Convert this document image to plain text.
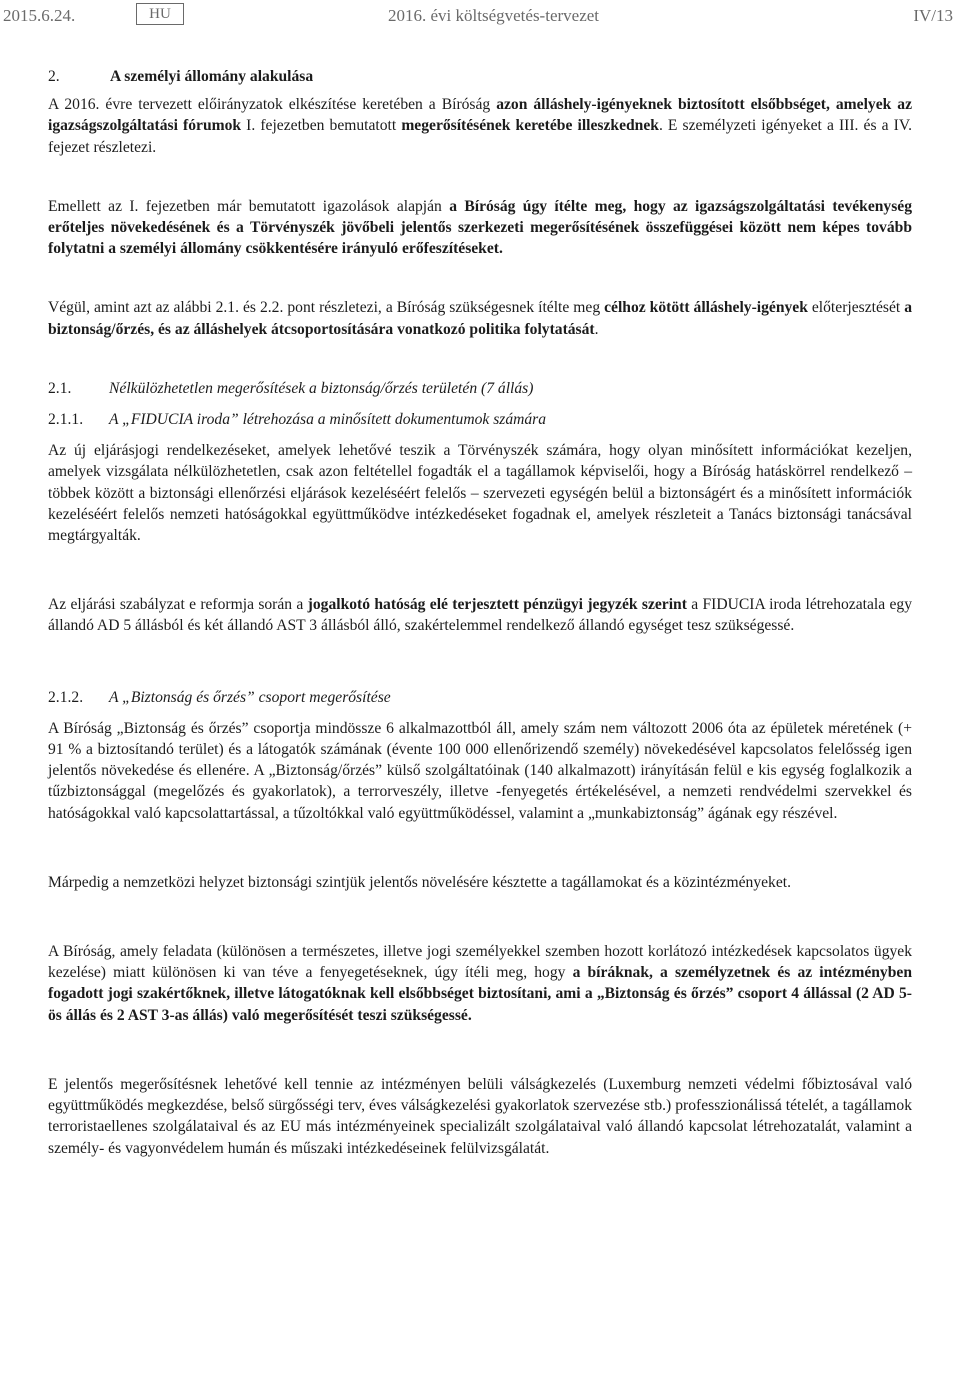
2015.6.24.	HU	2016. évi költségvetés-tervezet	IV/13

2.	A személyi állomány alakulása

A 2016. évre tervezett előirányzatok elkészítése keretében a Bíróság azon álláshely-igényeknek biztosított elsőbbséget, amelyek az igazságszolgáltatási fórumok I. fejezetben bemutatott megerősítésének keretébe illeszkednek. E személyzeti igényeket a III. és a IV. fejezet részletezi.

Emellett az I. fejezetben már bemutatott igazolások alapján a Bíróság úgy ítélte meg, hogy az igazságszolgáltatási tevékenység erőteljes növekedésének és a Törvényszék jövőbeli jelentős szerkezeti megerősítésének összefüggései között nem képes tovább folytatni a személyi állomány csökkentésére irányuló erőfeszítéseket.

Végül, amint azt az alábbi 2.1. és 2.2. pont részletezi, a Bíróság szükségesnek ítélte meg célhoz kötött álláshely-igények előterjesztését a biztonság/őrzés, és az álláshelyek átcsoportosítására vonatkozó politika folytatását.

2.1. Nélkülözhetetlen megerősítések a biztonság/őrzés területén (7 állás)

2.1.1. A „FIDUCIA iroda” létrehozása a minősített dokumentumok számára

Az új eljárásjogi rendelkezéseket, amelyek lehetővé teszik a Törvényszék számára, hogy olyan minősített információkat kezeljen, amelyek vizsgálata nélkülözhetetlen, csak azon feltétellel fogadták el a tagállamok képviselői, hogy a Bíróság hatáskörrel rendelkező – többek között a biztonsági ellenőrzési eljárások kezeléséért felelős – szervezeti egységén belül a biztonságért és a minősített információk kezeléséért felelős nemzeti hatóságokkal együttműködve intézkedéseket fogadnak el, amelyek részleteit a Tanács biztonsági tanácsával megtárgyalták.

Az eljárási szabályzat e reformja során a jogalkotó hatóság elé terjesztett pénzügyi jegyzék szerint a FIDUCIA iroda létrehozatala egy állandó AD 5 állásból és két állandó AST 3 állásból álló, szakértelemmel rendelkező állandó egységet tesz szükségessé.

2.1.2. A „Biztonság és őrzés” csoport megerősítése

A Bíróság „Biztonság és őrzés” csoportja mindössze 6 alkalmazottból áll, amely szám nem változott 2006 óta az épületek méretének (+ 91 % a biztosítandó terület) és a látogatók számának (évente 100 000 ellenőrizendő személy) növekedésével kapcsolatos felelősség igen jelentős növekedése és ellenére. A „Biztonság/őrzés” külső szolgáltatóinak (140 alkalmazott) irányításán felül e kis egység foglalkozik a tűzbiztonsággal (megelőzés és gyakorlatok), a terrorveszély, illetve -fenyegetés értékelésével, a nemzeti rendvédelmi szervekkel és hatóságokkal való kapcsolattartással, a tűzoltókkal való együttműködéssel, valamint a „munkabiztonság” ágának egy részével.

Márpedig a nemzetközi helyzet biztonsági szintjük jelentős növelésére késztette a tagállamokat és a közintézményeket.

A Bíróság, amely feladata (különösen a természetes, illetve jogi személyekkel szemben hozott korlátozó intézkedések kapcsolatos ügyek kezelése) miatt különösen ki van téve a fenyegetéseknek, úgy ítéli meg, hogy a bíráknak, a személyzetnek és az intézményben fogadott jogi szakértőknek, illetve látogatóknak kell elsőbbséget biztosítani, ami a „Biztonság és őrzés” csoport 4 állással (2 AD 5-ös állás és 2 AST 3-as állás) való megerősítését teszi szükségessé.

E jelentős megerősítésnek lehetővé kell tennie az intézményen belüli válságkezelés (Luxemburg nemzeti védelmi főbiztosával való együttműködés megkezdése, belső sürgősségi terv, éves válságkezelési gyakorlatok szervezése stb.) professzionálissá tételét, a tagállamok terroristaellenes szolgálataival és az EU más intézményeinek specializált szolgálataival való állandó kapcsolat létrehozatalát, valamint a személy- és vagyonvédelem humán és műszaki intézkedéseinek felülvizsgálatát.
